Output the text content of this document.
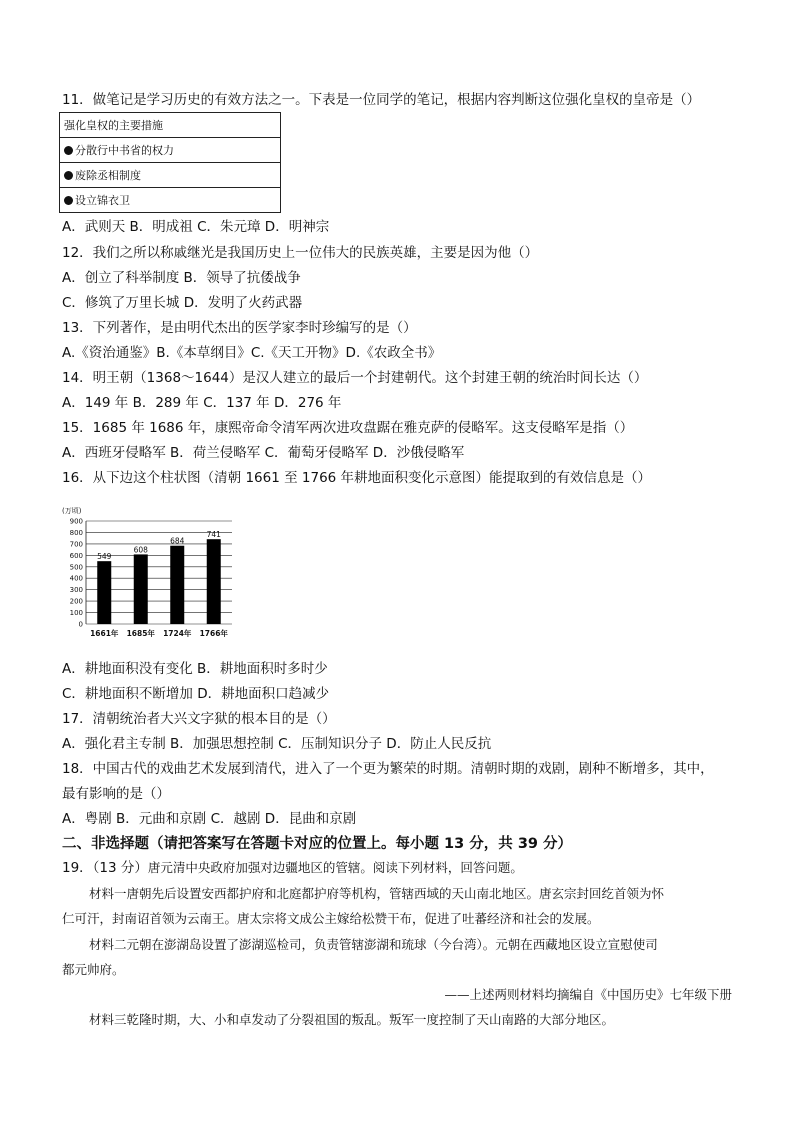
11．做笔记是学习历史的有效方法之一。下表是一位同学的笔记，根据内容判断这位强化皇权的皇帝是（）
强化皇权的主要措施
分散行中书省的权力
废除丞相制度
设立锦衣卫
A．武则天 B．明成祖 C．朱元璋 D．明神宗
12．我们之所以称戚继光是我国历史上一位伟大的民族英雄，主要是因为他（）
A．创立了科举制度 B．领导了抗倭战争
C．修筑了万里长城 D．发明了火药武器
13．下列著作，是由明代杰出的医学家李时珍编写的是（）
A.《资治通鉴》B.《本草纲目》C.《天工开物》D.《农政全书》
14．明王朝（1368～1644）是汉人建立的最后一个封建朝代。这个封建王朝的统治时间长达（）
A．149 年 B．289 年 C．137 年 D．276 年
15．1685 年 1686 年，康熙帝命令清军两次进攻盘踞在雅克萨的侵略军。这支侵略军是指（）
A．西班牙侵略军 B．荷兰侵略军 C．葡萄牙侵略军 D．沙俄侵略军
16．从下边这个柱状图（清朝 1661 至 1766 年耕地面积变化示意图）能提取到的有效信息是（）
(万顷)
0
100
200
300
400
500
600
700
800
900
549
1661年
608
1685年
684
1724年
741
1766年
A．耕地面积没有变化 B．耕地面积时多时少
C．耕地面积不断增加 D．耕地面积口趋减少
17．清朝统治者大兴文字狱的根本目的是（）
A．强化君主专制 B．加强思想控制 C．压制知识分子 D．防止人民反抗
18．中国古代的戏曲艺术发展到清代，进入了一个更为繁荣的时期。清朝时期的戏剧，剧种不断增多，其中，
最有影响的是（）
A．粤剧 B．元曲和京剧 C．越剧 D．昆曲和京剧
二、非选择题（请把答案写在答题卡对应的位置上。每小题 13 分，共 39 分）
19．（13 分）唐元清中央政府加强对边疆地区的管辖。阅读下列材料，回答问题。
材料一唐朝先后设置安西都护府和北庭都护府等机构，管辖西域的天山南北地区。唐玄宗封回纥首领为怀
仁可汗，封南诏首领为云南王。唐太宗将文成公主嫁给松赞干布，促进了吐蕃经济和社会的发展。
材料二元朝在澎湖岛设置了澎湖巡检司，负责管辖澎湖和琉球（今台湾）。元朝在西藏地区设立宣慰使司
都元帅府。
——上述两则材料均摘编自《中国历史》七年级下册
材料三乾隆时期，大、小和卓发动了分裂祖国的叛乱。叛军一度控制了天山南路的大部分地区。
